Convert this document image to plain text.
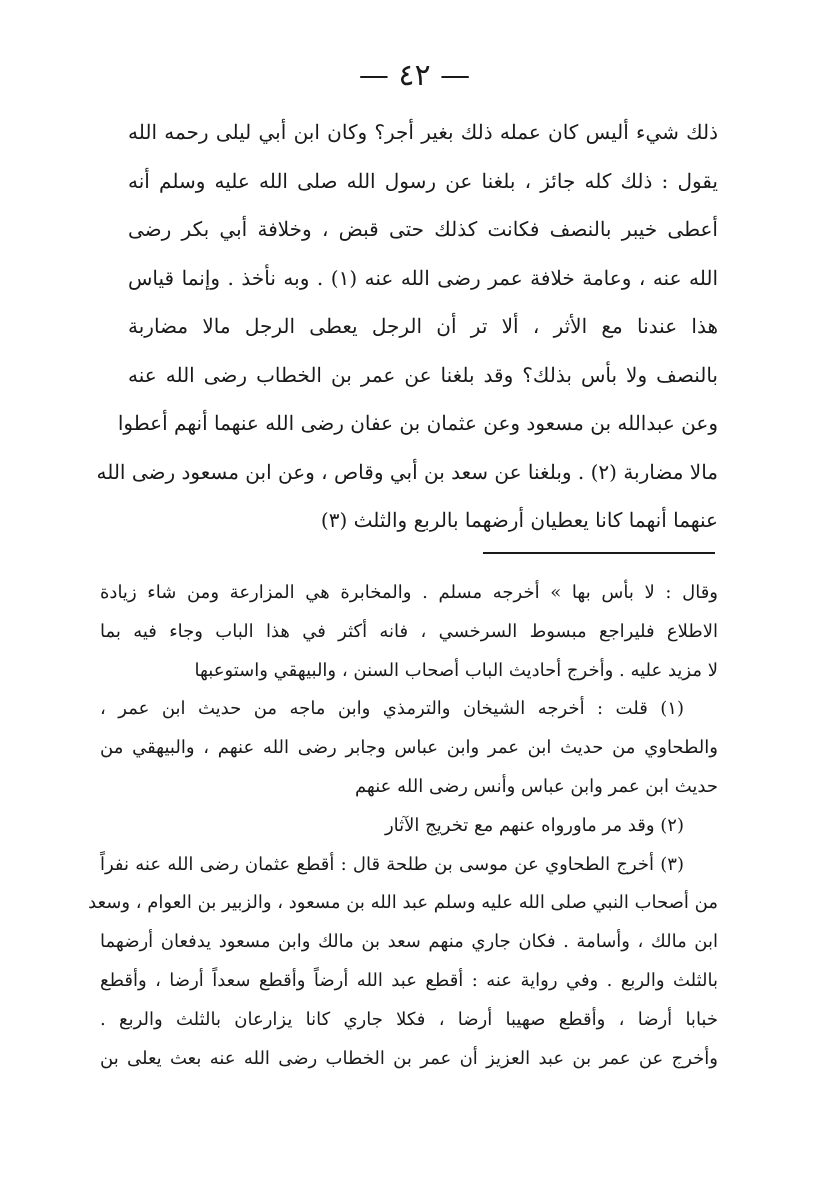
— ٤٢ —
ذلك شيء أليس كان عمله ذلك بغير أجر؟ وكان ابن أبي ليلى رحمه الله
يقول : ذلك كله جائز ، بلغنا عن رسول الله صلى الله عليه وسلم أنه
أعطى خيبر بالنصف فكانت كذلك حتى قبض ، وخلافة أبي بكر رضى
الله عنه ، وعامة خلافة عمر رضى الله عنه (١) . وبه نأخذ . وإنما قياس
هذا عندنا مع الأثر ، ألا تر أن الرجل يعطى الرجل مالا مضاربة
بالنصف ولا بأس بذلك؟ وقد بلغنا عن عمر بن الخطاب رضى الله عنه
وعن عبدالله بن مسعود وعن عثمان بن عفان رضى الله عنهما أنهم أعطوا
مالا مضاربة (٢) . وبلغنا عن سعد بن أبي وقاص ، وعن ابن مسعود رضى الله
عنهما أنهما كانا يعطيان أرضهما بالربع والثلث (٣)
وقال : لا بأس بها » أخرجه مسلم . والمخابرة هي المزارعة ومن شاء زيادة
الاطلاع فليراجع مبسوط السرخسي ، فانه أكثر في هذا الباب وجاء فيه بما
لا مزيد عليه . وأخرج أحاديث الباب أصحاب السنن ، والبيهقي واستوعبها
(١) قلت : أخرجه الشيخان والترمذي وابن ماجه من حديث ابن عمر ،
والطحاوي من حديث ابن عمر وابن عباس وجابر رضى الله عنهم ، والبيهقي من
حديث ابن عمر وابن عباس وأنس رضى الله عنهم
(٢) وقد مر ماورواه عنهم مع تخريج الآثار
(٣) أخرج الطحاوي عن موسى بن طلحة قال : أقطع عثمان رضى الله عنه نفراً
من أصحاب النبي صلى الله عليه وسلم عبد الله بن مسعود ، والزبير بن العوام ، وسعد
ابن مالك ، وأسامة . فكان جاري منهم سعد بن مالك وابن مسعود يدفعان أرضهما
بالثلث والربع . وفي رواية عنه : أقطع عبد الله أرضاً وأقطع سعداً أرضا ، وأقطع
خبابا أرضا ، وأقطع صهيبا أرضا ، فكلا جاري كانا يزارعان بالثلث والربع .
وأخرج عن عمر بن عبد العزيز أن عمر بن الخطاب رضى الله عنه بعث يعلى بن
